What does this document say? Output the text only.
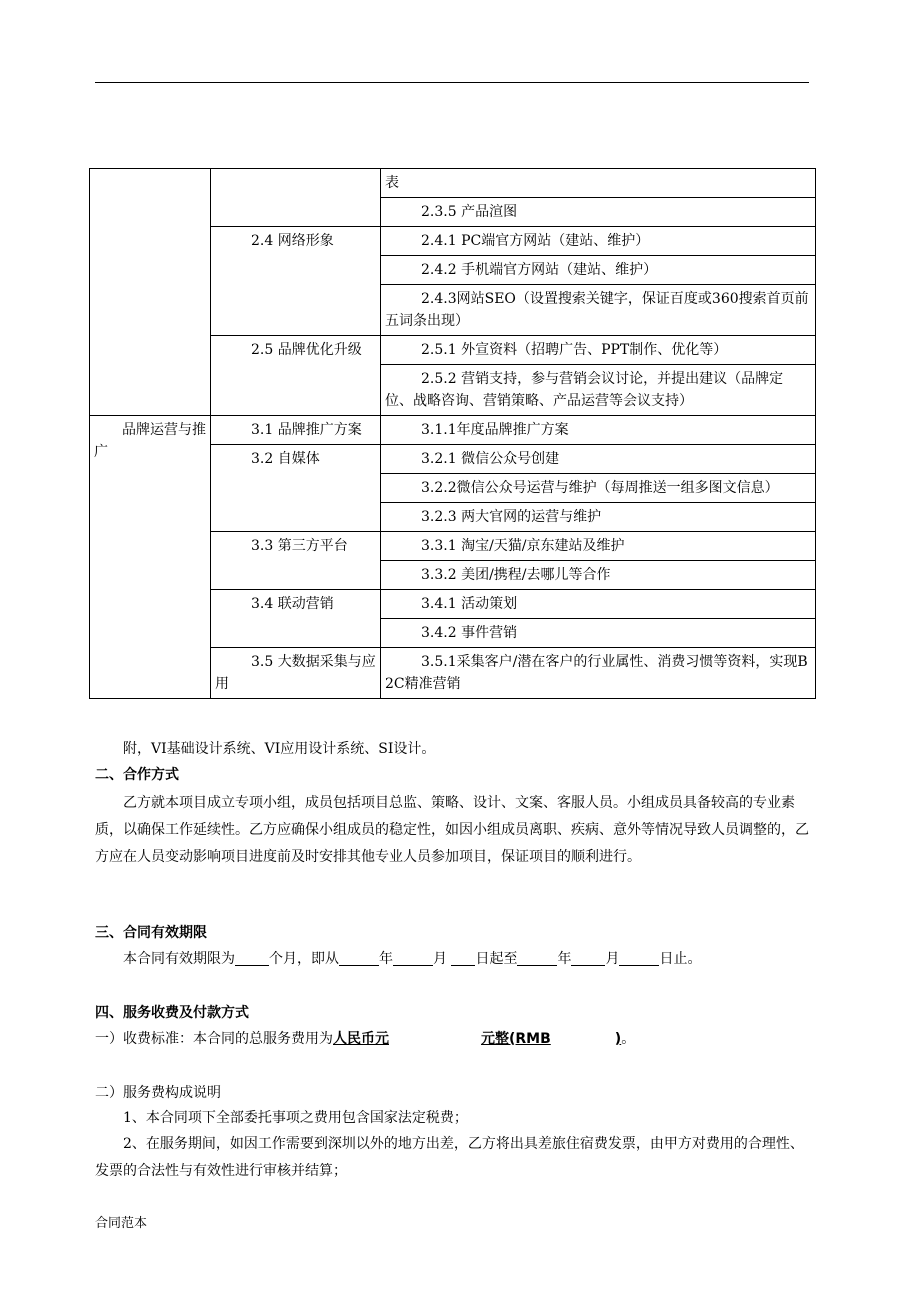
		表
		2.3.5 产品渲图
	2.4 网络形象	2.4.1 PC端官方网站（建站、维护）
		2.4.2 手机端官方网站（建站、维护）
		2.4.3网站SEO（设置搜索关键字，保证百度或360搜索首页前五词条出现）
	2.5 品牌优化升级	2.5.1 外宣资料（招聘广告、PPT制作、优化等）
		2.5.2 营销支持，参与营销会议讨论，并提出建议（品牌定位、战略咨询、营销策略、产品运营等会议支持）
品牌运营与推广	3.1 品牌推广方案	3.1.1年度品牌推广方案
	3.2 自媒体	3.2.1 微信公众号创建
		3.2.2微信公众号运营与维护（每周推送一组多图文信息）
		3.2.3 两大官网的运营与维护
	3.3 第三方平台	3.3.1 淘宝/天猫/京东建站及维护
		3.3.2 美团/携程/去哪儿等合作
	3.4 联动营销	3.4.1 活动策划
		3.4.2 事件营销
	3.5 大数据采集与应用	3.5.1采集客户/潜在客户的行业属性、消费习惯等资料，实现B2C精准营销
附，VI基础设计系统、VI应用设计系统、SI设计。
二、合作方式
乙方就本项目成立专项小组，成员包括项目总监、策略、设计、文案、客服人员。小组成员具备较高的专业素质，以确保工作延续性。乙方应确保小组成员的稳定性，如因小组成员离职、疾病、意外等情况导致人员调整的，乙方应在人员变动影响项目进度前及时安排其他专业人员参加项目，保证项目的顺利进行。
三、合同有效期限
本合同有效期限为 个月，即从	年	月 日起至	年 月	日止。
四、服务收费及付款方式
一）收费标准：本合同的总服务费用为人民币元	元整(RMB	)。
二）服务费构成说明
1、本合同项下全部委托事项之费用包含国家法定税费；
2、在服务期间，如因工作需要到深圳以外的地方出差，乙方将出具差旅住宿费发票，由甲方对费用的合理性、发票的合法性与有效性进行审核并结算；
合同范本
